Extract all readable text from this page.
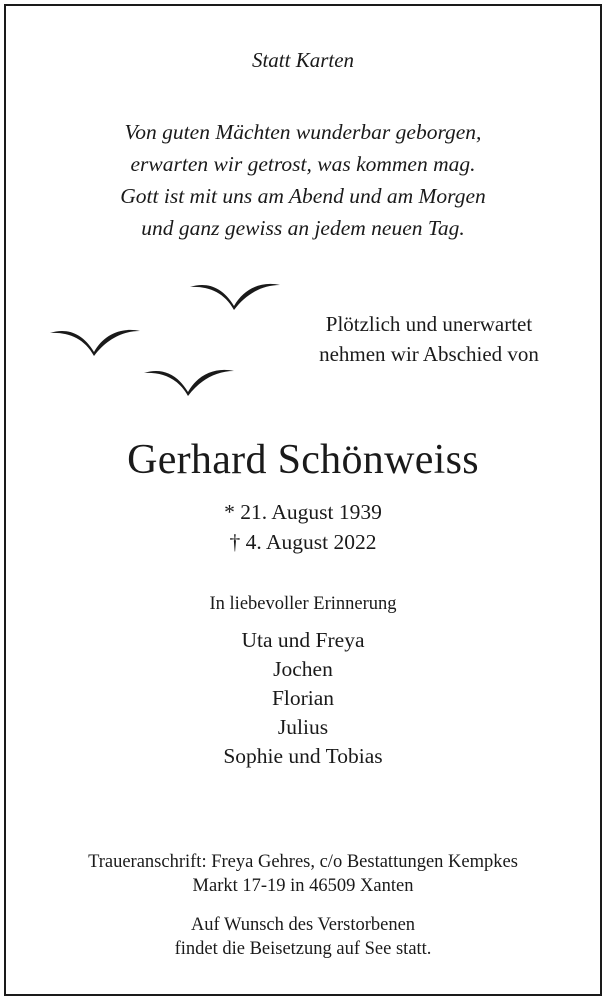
Statt Karten
Von guten Mächten wunderbar geborgen,
erwarten wir getrost, was kommen mag.
Gott ist mit uns am Abend und am Morgen
und ganz gewiss an jedem neuen Tag.
Plötzlich und unerwartet
nehmen wir Abschied von
Gerhard Schönweiss
* 21. August 1939
† 4. August 2022
In liebevoller Erinnerung
Uta und Freya
Jochen
Florian
Julius
Sophie und Tobias
Traueranschrift: Freya Gehres, c/o Bestattungen Kempkes
Markt 17-19 in 46509 Xanten
Auf Wunsch des Verstorbenen
findet die Beisetzung auf See statt.
